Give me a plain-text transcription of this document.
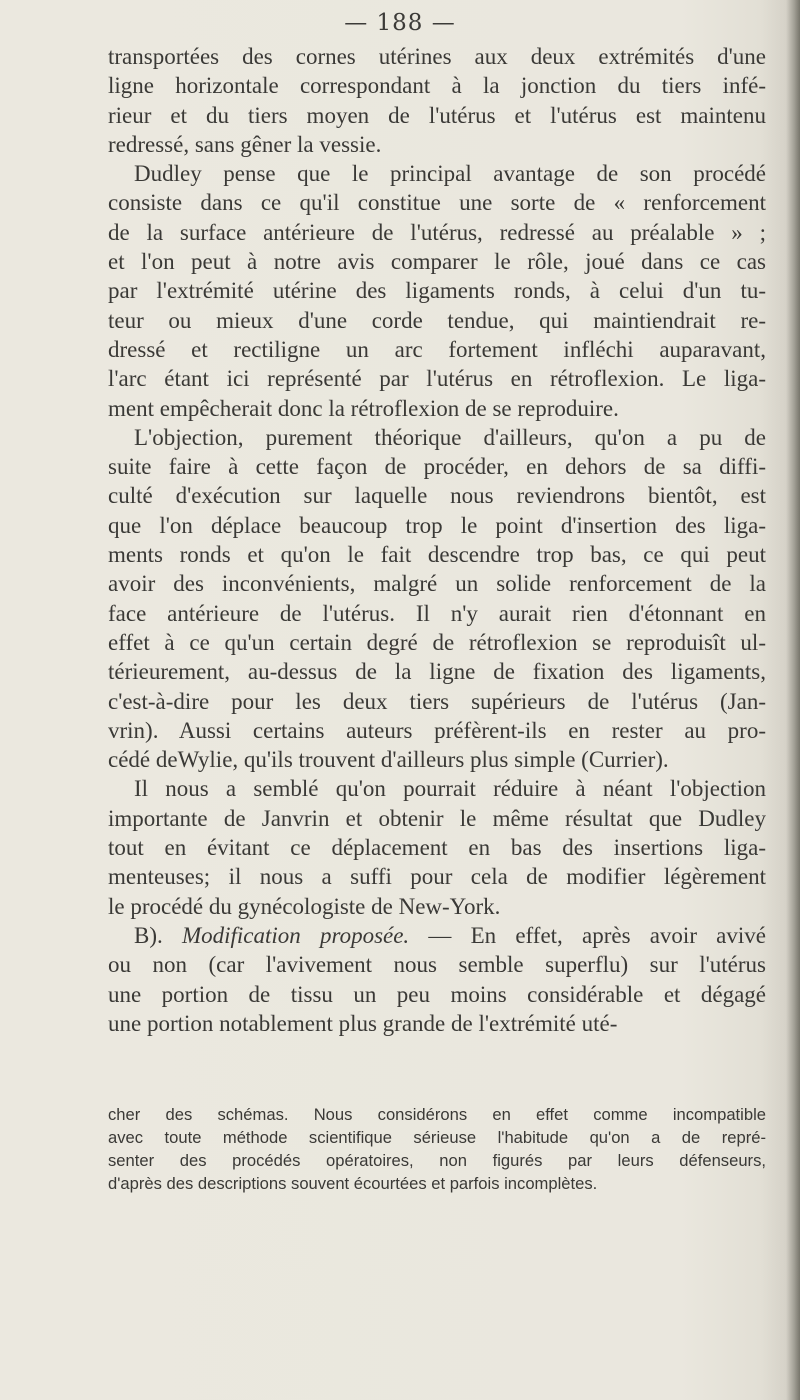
— 188 —
transportées des cornes utérines aux deux extrémités d'une
ligne horizontale correspondant à la jonction du tiers infé-
rieur et du tiers moyen de l'utérus et l'utérus est maintenu
redressé, sans gêner la vessie.
Dudley pense que le principal avantage de son procédé
consiste dans ce qu'il constitue une sorte de « renforcement
de la surface antérieure de l'utérus, redressé au préalable » ;
et l'on peut à notre avis comparer le rôle, joué dans ce cas
par l'extrémité utérine des ligaments ronds, à celui d'un tu-
teur ou mieux d'une corde tendue, qui maintiendrait re-
dressé et rectiligne un arc fortement infléchi auparavant,
l'arc étant ici représenté par l'utérus en rétroflexion. Le liga-
ment empêcherait donc la rétroflexion de se reproduire.
L'objection, purement théorique d'ailleurs, qu'on a pu de
suite faire à cette façon de procéder, en dehors de sa diffi-
culté d'exécution sur laquelle nous reviendrons bientôt, est
que l'on déplace beaucoup trop le point d'insertion des liga-
ments ronds et qu'on le fait descendre trop bas, ce qui peut
avoir des inconvénients, malgré un solide renforcement de la
face antérieure de l'utérus. Il n'y aurait rien d'étonnant en
effet à ce qu'un certain degré de rétroflexion se reproduisît ul-
térieurement, au-dessus de la ligne de fixation des ligaments,
c'est-à-dire pour les deux tiers supérieurs de l'utérus (Jan-
vrin). Aussi certains auteurs préfèrent-ils en rester au pro-
cédé deWylie, qu'ils trouvent d'ailleurs plus simple (Currier).
Il nous a semblé qu'on pourrait réduire à néant l'objection
importante de Janvrin et obtenir le même résultat que Dudley
tout en évitant ce déplacement en bas des insertions liga-
menteuses; il nous a suffi pour cela de modifier légèrement
le procédé du gynécologiste de New-York.
B). Modification proposée. — En effet, après avoir avivé
ou non (car l'avivement nous semble superflu) sur l'utérus
une portion de tissu un peu moins considérable et dégagé
une portion notablement plus grande de l'extrémité uté-
cher des schémas. Nous considérons en effet comme incompatible
avec toute méthode scientifique sérieuse l'habitude qu'on a de repré-
senter des procédés opératoires, non figurés par leurs défenseurs,
d'après des descriptions souvent écourtées et parfois incomplètes.
